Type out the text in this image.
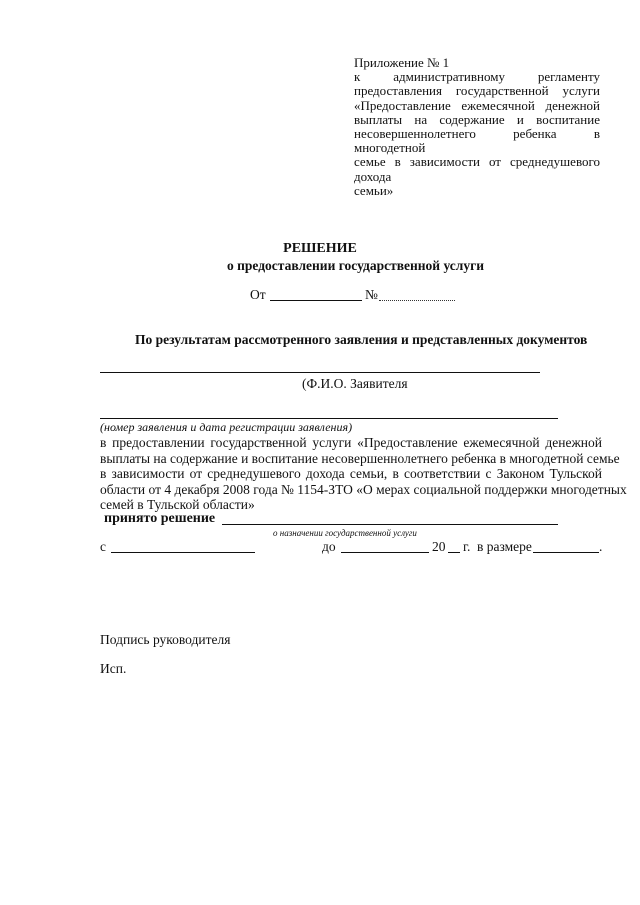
Приложение № 1
к административному регламенту
предоставления государственной услуги
«Предоставление ежемесячной денежной
выплаты на содержание и воспитание
несовершеннолетнего ребенка в многодетной
семье в зависимости от среднедушевого дохода
семьи»
РЕШЕНИЕ
о предоставлении государственной услуги
От	№
По результатам рассмотренного заявления и представленных документов
(Ф.И.О. Заявителя
(номер заявления и дата регистрации заявления)
в предоставлении государственной услуги «Предоставление ежемесячной денежной
выплаты на содержание и воспитание несовершеннолетнего ребенка в многодетной семье
в зависимости от среднедушевого дохода семьи, в соответствии с Законом Тульской
области от 4 декабря 2008 года № 1154-ЗТО «О мерах социальной поддержки многодетных
семей в Тульской области»
принято решение
о назначении государственной услуги
с	до	20 г. в размере	.
Подпись руководителя
Исп.
